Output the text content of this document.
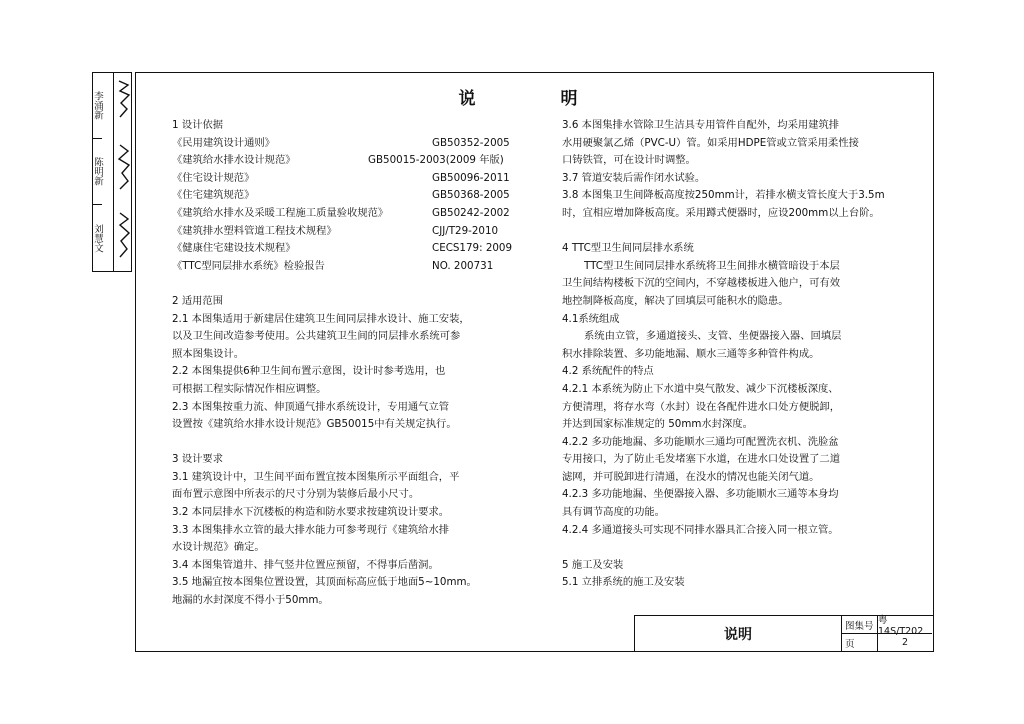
李涌新
陈明新
刘慧文
说　明
1 设计依据
《民用建筑设计通则》	GB50352-2005
《建筑给水排水设计规范》	GB50015-2003(2009 年版)
《住宅设计规范》	GB50096-2011
《住宅建筑规范》	GB50368-2005
《建筑给水排水及采暖工程施工质量验收规范》	GB50242-2002
《建筑排水塑料管道工程技术规程》	CJJ/T29-2010
《健康住宅建设技术规程》	CECS179: 2009
《TTC型同层排水系统》检验报告	NO. 200731
2 适用范围
2.1 本图集适用于新建居住建筑卫生间同层排水设计、施工安装，
以及卫生间改造参考使用。公共建筑卫生间的同层排水系统可参
照本图集设计。
2.2 本图集提供6种卫生间布置示意图，设计时参考选用，也
可根据工程实际情况作相应调整。
2.3 本图集按重力流、伸顶通气排水系统设计，专用通气立管
设置按《建筑给水排水设计规范》GB50015中有关规定执行。
3 设计要求
3.1 建筑设计中，卫生间平面布置宜按本图集所示平面组合，平
面布置示意图中所表示的尺寸分别为装修后最小尺寸。
3.2 本同层排水下沉楼板的构造和防水要求按建筑设计要求。
3.3 本图集排水立管的最大排水能力可参考现行《建筑给水排
水设计规范》确定。
3.4 本图集管道井、排气竖井位置应预留，不得事后凿洞。
3.5 地漏宜按本图集位置设置，其顶面标高应低于地面5~10mm。
地漏的水封深度不得小于50mm。
3.6 本图集排水管除卫生洁具专用管件自配外，均采用建筑排
水用硬聚氯乙烯（PVC-U）管。如采用HDPE管或立管采用柔性接
口铸铁管，可在设计时调整。
3.7 管道安装后需作闭水试验。
3.8 本图集卫生间降板高度按250mm计，若排水横支管长度大于3.5m
时，宜相应增加降板高度。采用蹲式便器时，应设200mm以上台阶。
4 TTC型卫生间同层排水系统
TTC型卫生间同层排水系统将卫生间排水横管暗设于本层
卫生间结构楼板下沉的空间内，不穿越楼板进入他户，可有效
地控制降板高度，解决了回填层可能积水的隐患。
4.1系统组成
系统由立管，多通道接头、支管、坐便器接入器、回填层
积水排除装置、多功能地漏、顺水三通等多种管件构成。
4.2 系统配件的特点
4.2.1 本系统为防止下水道中臭气散发、减少下沉楼板深度、
方便清理，将存水弯（水封）设在各配件进水口处方便脱卸，
并达到国家标准规定的 50mm水封深度。
4.2.2 多功能地漏、多功能顺水三通均可配置洗衣机、洗脸盆
专用接口，为了防止毛发堵塞下水道，在进水口处设置了二道
滤网，并可脱卸进行清通，在没水的情况也能关闭气道。
4.2.3 多功能地漏、坐便器接入器、多功能顺水三通等本身均
具有调节高度的功能。
4.2.4 多通道接头可实现不同排水器具汇合接入同一根立管。
5 施工及安装
5.1 立排系统的施工及安装
说明
图集号 粤14S/T202
页	2
